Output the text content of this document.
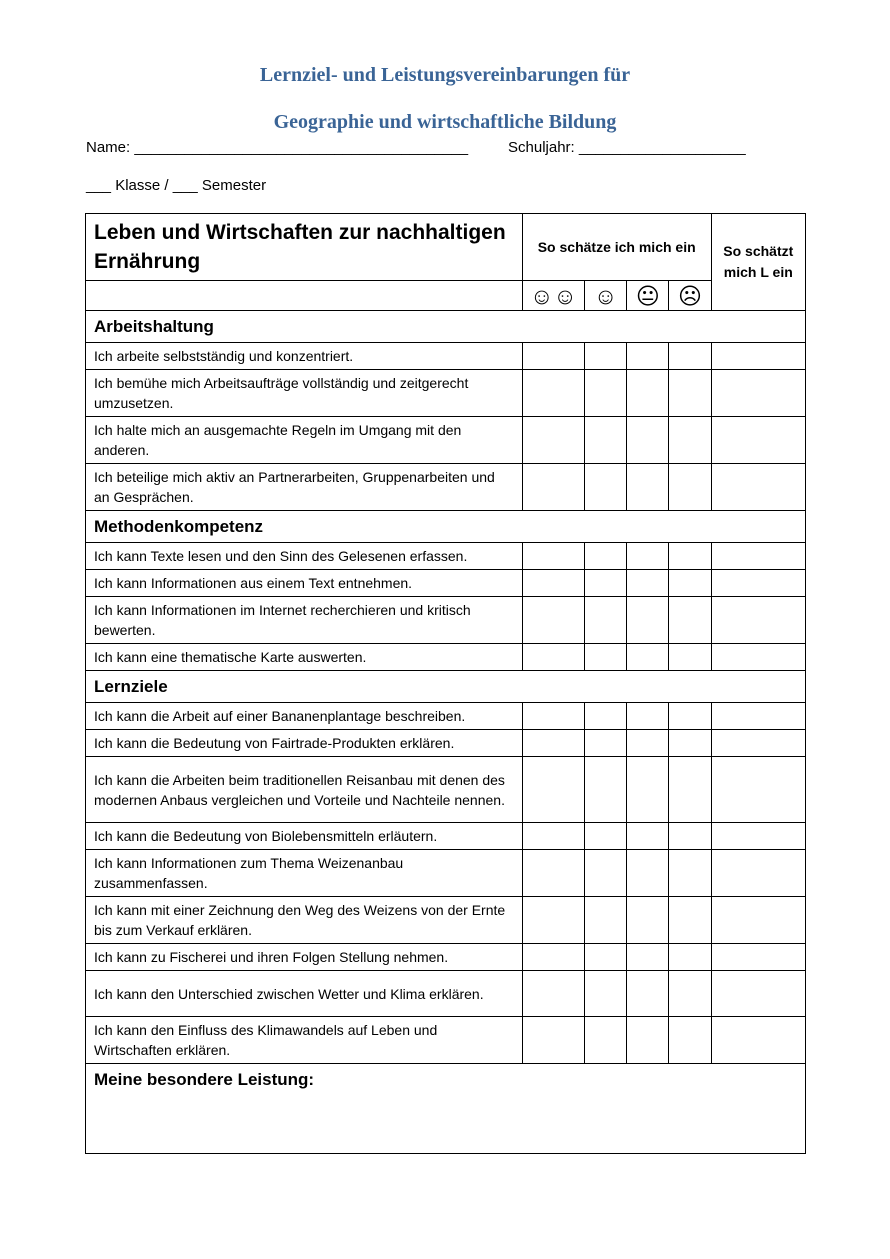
Lernziel- und Leistungsvereinbarungen für
Geographie und wirtschaftliche Bildung
Name: ________________________________________	Schuljahr: ____________________
___ Klasse / ___ Semester
Leben und Wirtschaften zur nachhaltigen Ernährung	So schätze ich mich ein				So schätzt mich L ein
	☺☺	☺	😐	☹	
Arbeitshaltung					
Ich arbeite selbstständig und konzentriert.					
Ich bemühe mich Arbeitsaufträge vollständig und zeitgerecht umzusetzen.					
Ich halte mich an ausgemachte Regeln im Umgang mit den anderen.					
Ich beteilige mich aktiv an Partnerarbeiten, Gruppenarbeiten und an Gesprächen.					
Methodenkompetenz					
Ich kann Texte lesen und den Sinn des Gelesenen erfassen.					
Ich kann Informationen aus einem Text entnehmen.					
Ich kann Informationen im Internet recherchieren und kritisch bewerten.					
Ich kann eine thematische Karte auswerten.					
Lernziele					
Ich kann die Arbeit auf einer Bananenplantage beschreiben.					
Ich kann die Bedeutung von Fairtrade-Produkten erklären.					
Ich kann die Arbeiten beim traditionellen Reisanbau mit denen des modernen Anbaus vergleichen und Vorteile und Nachteile nennen.					
Ich kann die Bedeutung von Biolebensmitteln erläutern.					
Ich kann Informationen zum Thema Weizenanbau zusammenfassen.					
Ich kann mit einer Zeichnung den Weg des Weizens von der Ernte bis zum Verkauf erklären.					
Ich kann zu Fischerei und ihren Folgen Stellung nehmen.					
Ich kann den Unterschied zwischen Wetter und Klima erklären.					
Ich kann den Einfluss des Klimawandels auf Leben und Wirtschaften erklären.					
Meine besondere Leistung:					
